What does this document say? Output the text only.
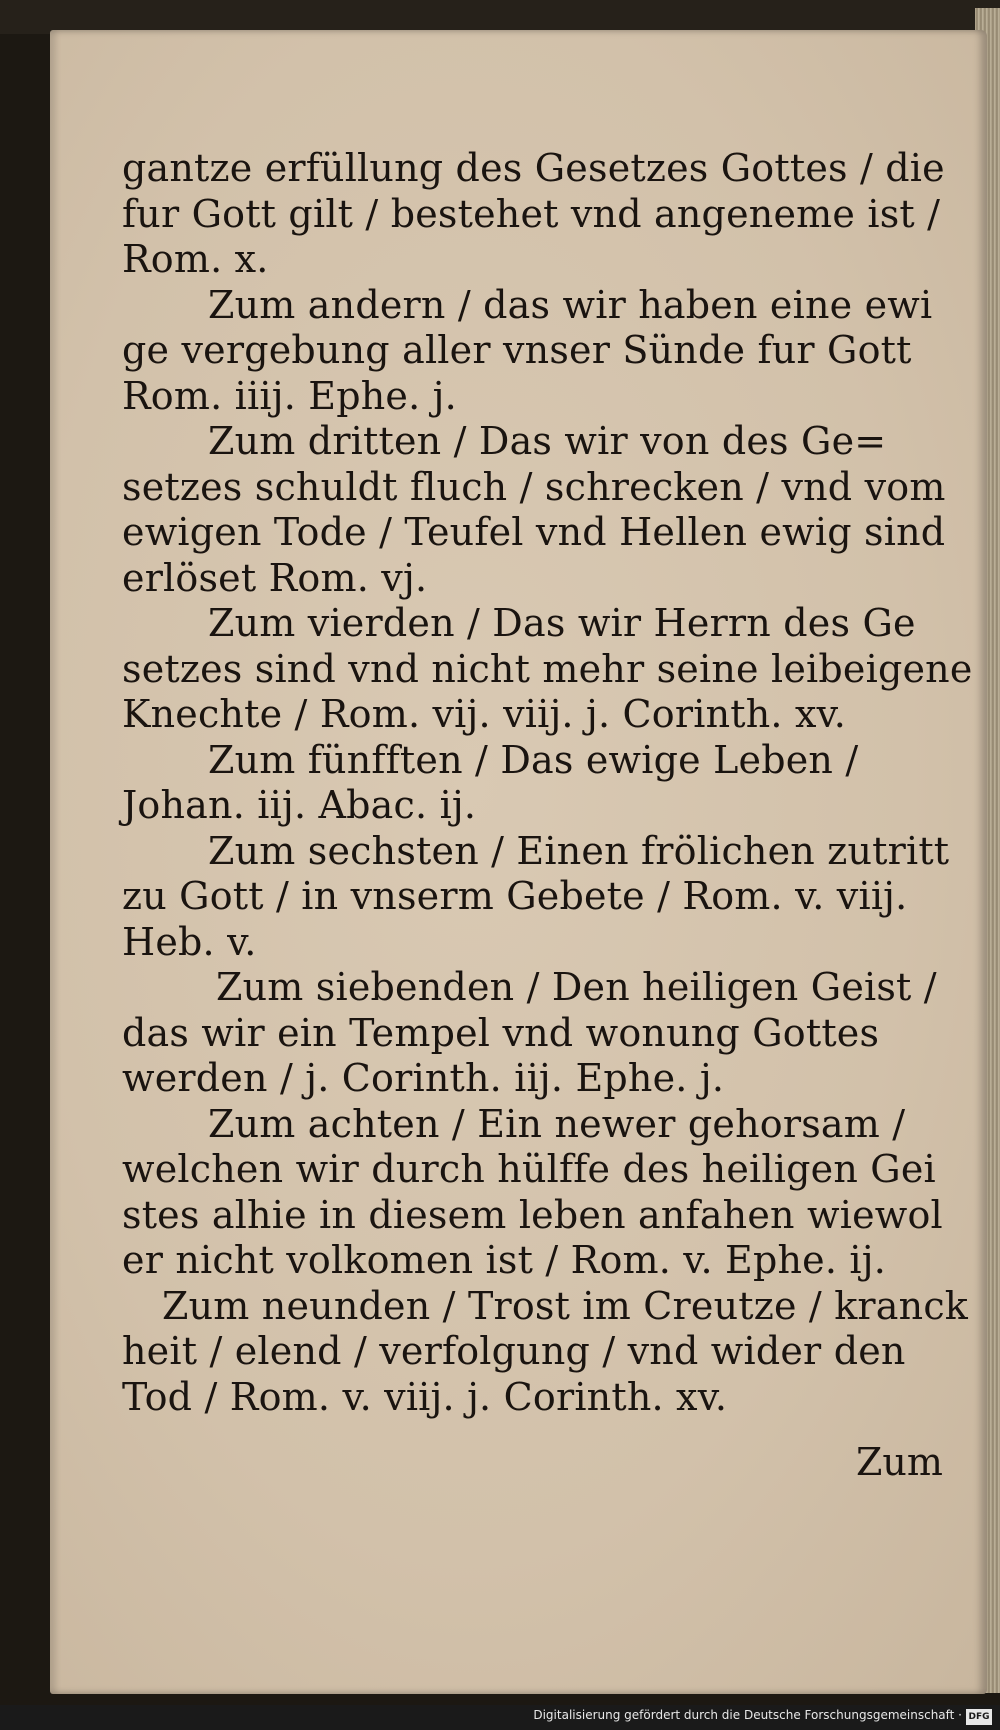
gantze erfüllung des Gesetzes Gottes / die
fur Gott gilt / bestehet vnd angeneme ist /
Rom. x.
Zum andern / das wir haben eine ewi
ge vergebung aller vnser Sünde fur Gott
Rom. iiij. Ephe. j.
Zum dritten / Das wir von des Ge=
setzes schuldt fluch / schrecken / vnd vom
ewigen Tode / Teufel vnd Hellen ewig sind
erlöset Rom. vj.
Zum vierden / Das wir Herrn des Ge
setzes sind vnd nicht mehr seine leibeigene
Knechte / Rom. vij. viij. j. Corinth. xv.
Zum fünfften / Das ewige Leben /
Johan. iij. Abac. ij.
Zum sechsten / Einen frölichen zutritt
zu Gott / in vnserm Gebete / Rom. v. viij.
Heb. v.
Zum siebenden / Den heiligen Geist /
das wir ein Tempel vnd wonung Gottes
werden / j. Corinth. iij. Ephe. j.
Zum achten / Ein newer gehorsam /
welchen wir durch hülffe des heiligen Gei
stes alhie in diesem leben anfahen wiewol
er nicht volkomen ist / Rom. v. Ephe. ij.
Zum neunden / Trost im Creutze / kranck
heit / elend / verfolgung / vnd wider den
Tod / Rom. v. viij. j. Corinth. xv.
Zum
Digitalisierung gefördert durch die Deutsche Forschungsgemeinschaft · DFG
